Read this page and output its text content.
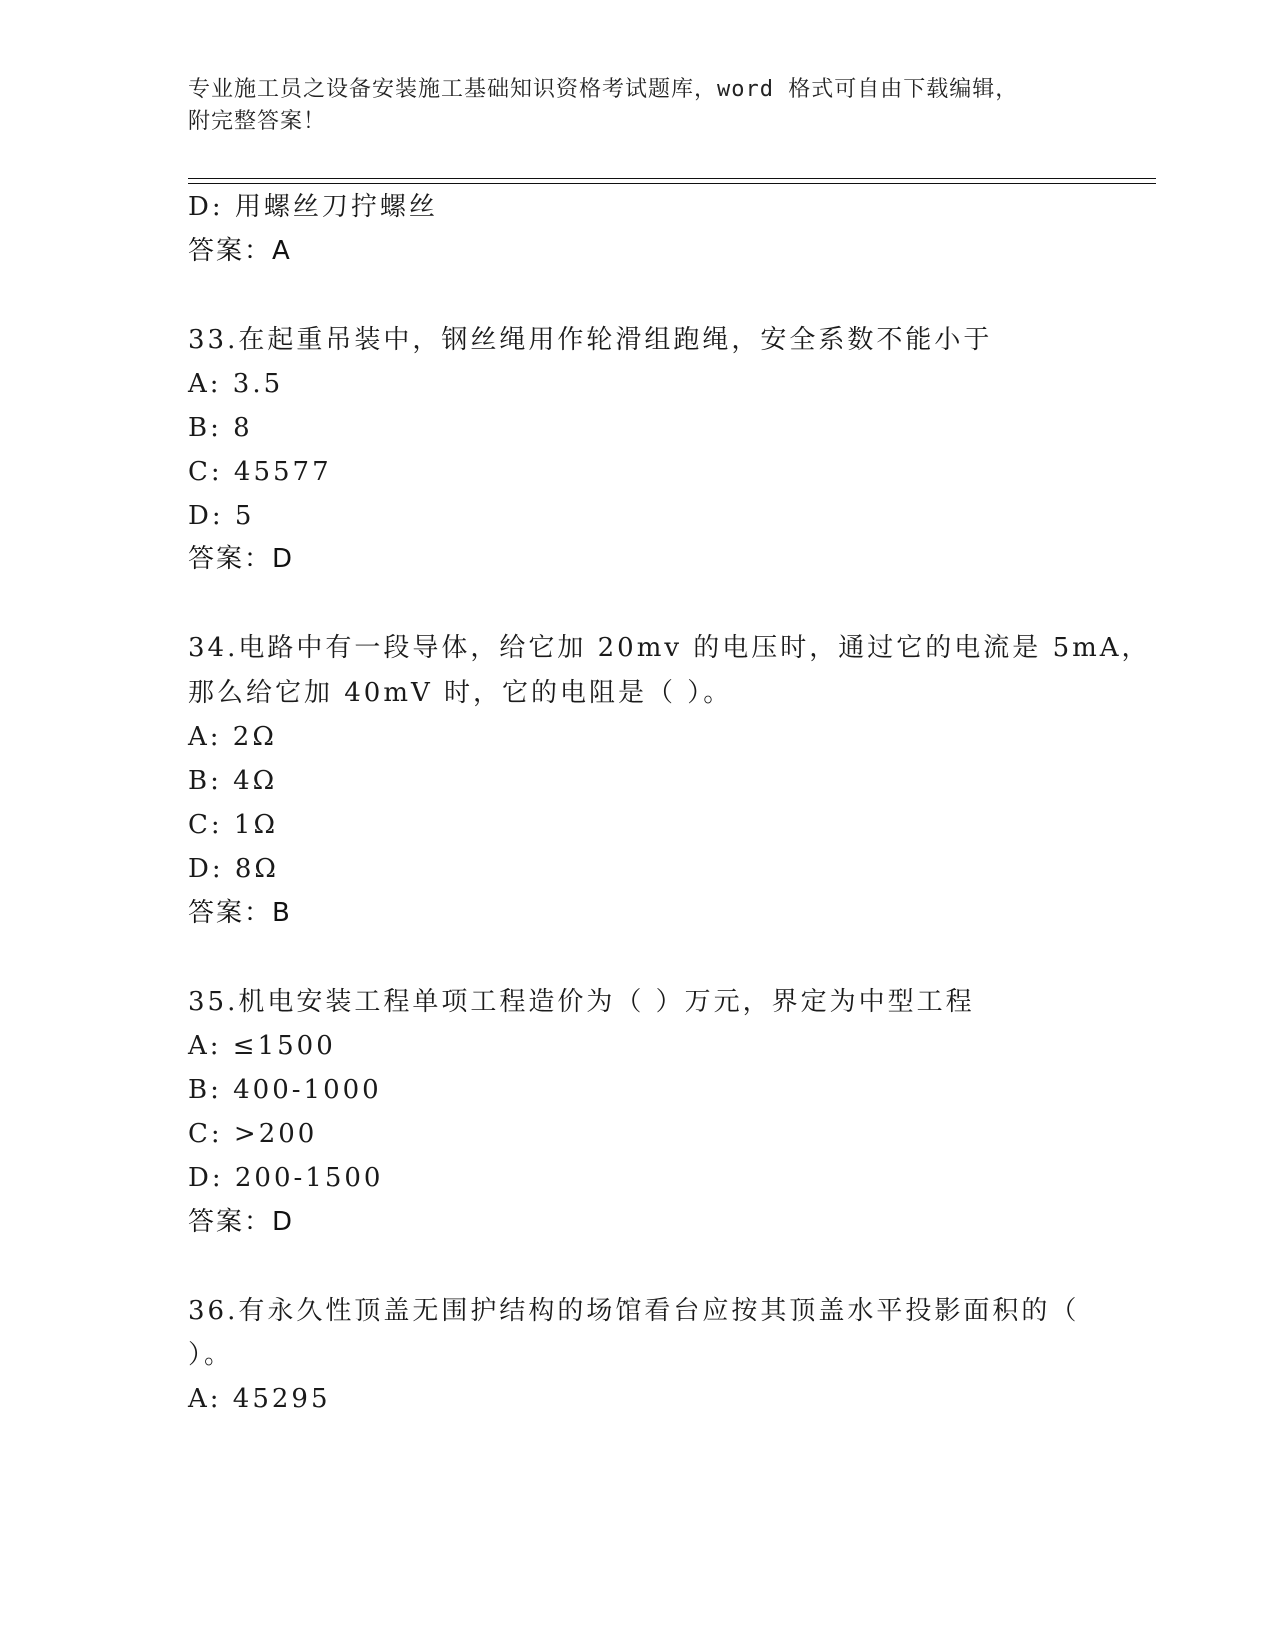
专业施工员之设备安装施工基础知识资格考试题库，word 格式可自由下载编辑，
附完整答案！
D: 用螺丝刀拧螺丝
答案：A
33.在起重吊装中，钢丝绳用作轮滑组跑绳，安全系数不能小于
A: 3.5
B: 8
C: 45577
D: 5
答案：D
34.电路中有一段导体，给它加 20mv 的电压时，通过它的电流是 5mA，
那么给它加 40mV 时，它的电阻是（ ）。
A: 2Ω
B: 4Ω
C: 1Ω
D: 8Ω
答案：B
35.机电安装工程单项工程造价为（ ）万元，界定为中型工程
A: ≤1500
B: 400-1000
C: >200
D: 200-1500
答案：D
36.有永久性顶盖无围护结构的场馆看台应按其顶盖水平投影面积的（
）。
A: 45295
